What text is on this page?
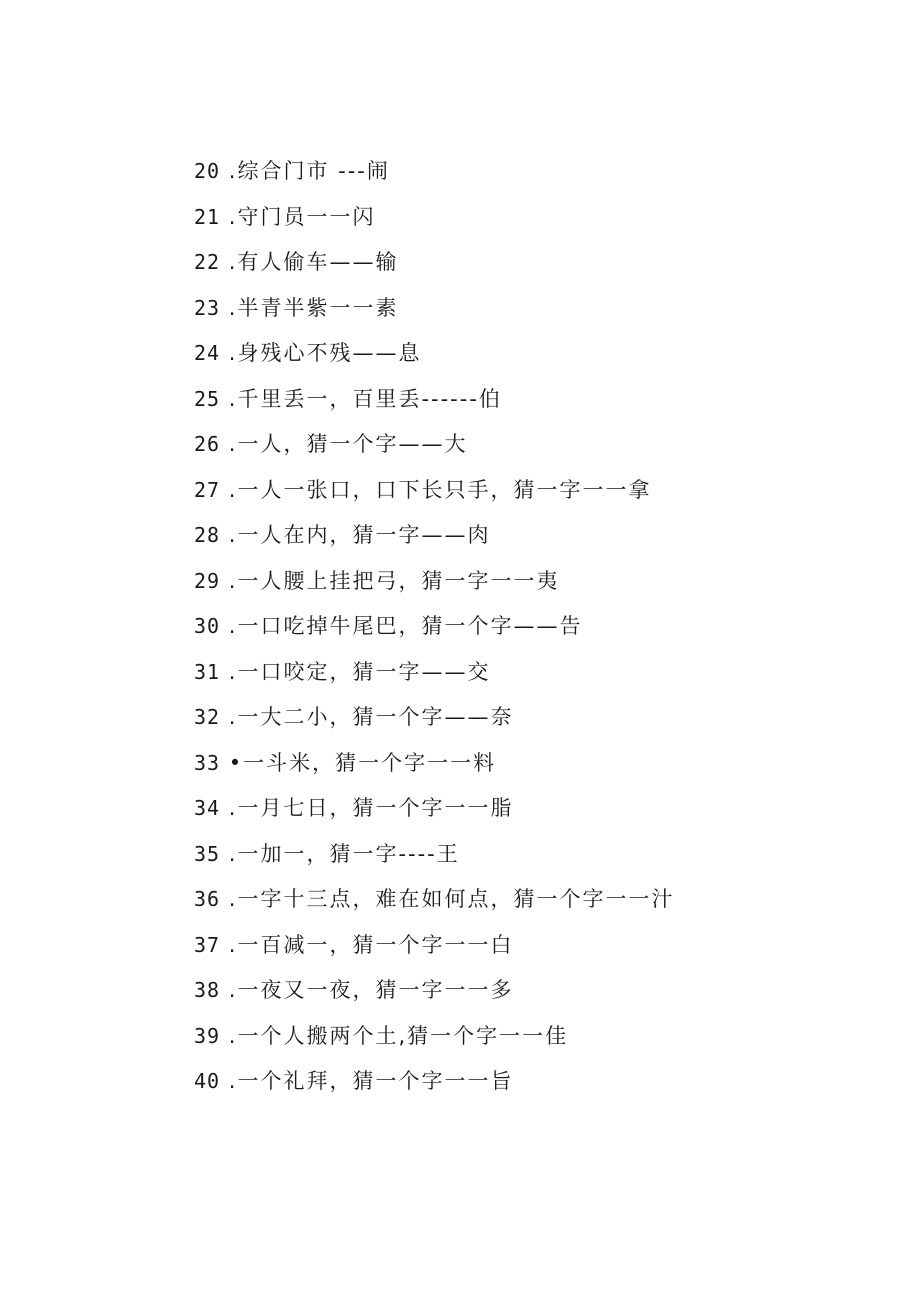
20 .综合门市 ---闹
21 .守门员一一闪
22 .有人偷车——输
23 .半青半紫一一素
24 .身残心不残——息
25 .千里丢一，百里丢------伯
26 .一人，猜一个字——大
27 .一人一张口，口下长只手，猜一字一一拿
28 .一人在内，猜一字——肉
29 .一人腰上挂把弓，猜一字一一夷
30 .一口吃掉牛尾巴，猜一个字——告
31 .一口咬定，猜一字——交
32 .一大二小，猜一个字——奈
33 •一斗米，猜一个字一一料
34 .一月七日，猜一个字一一脂
35 .一加一，猜一字----王
36 .一字十三点，难在如何点，猜一个字一一汁
37 .一百减一，猜一个字一一白
38 .一夜又一夜，猜一字一一多
39 .一个人搬两个土,猜一个字一一佳
40 .一个礼拜，猜一个字一一旨
